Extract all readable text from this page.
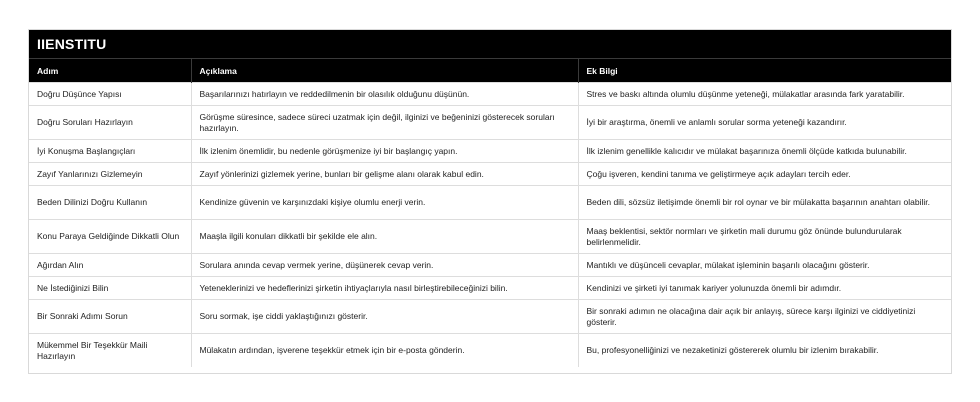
IIENSTITU
Adım	Açıklama	Ek Bilgi
Doğru Düşünce Yapısı	Başarılarınızı hatırlayın ve reddedilmenin bir olasılık olduğunu düşünün.	Stres ve baskı altında olumlu düşünme yeteneği, mülakatlar arasında fark yaratabilir.
Doğru Soruları Hazırlayın	Görüşme süresince, sadece süreci uzatmak için değil, ilginizi ve beğeninizi gösterecek soruları hazırlayın.	İyi bir araştırma, önemli ve anlamlı sorular sorma yeteneği kazandırır.
İyi Konuşma Başlangıçları	İlk izlenim önemlidir, bu nedenle görüşmenize iyi bir başlangıç yapın.	İlk izlenim genellikle kalıcıdır ve mülakat başarınıza önemli ölçüde katkıda bulunabilir.
Zayıf Yanlarınızı Gizlemeyin	Zayıf yönlerinizi gizlemek yerine, bunları bir gelişme alanı olarak kabul edin.	Çoğu işveren, kendini tanıma ve geliştirmeye açık adayları tercih eder.
Beden Dilinizi Doğru Kullanın	Kendinize güvenin ve karşınızdaki kişiye olumlu enerji verin.	Beden dili, sözsüz iletişimde önemli bir rol oynar ve bir mülakatta başarının anahtarı olabilir.
Konu Paraya Geldiğinde Dikkatli Olun	Maaşla ilgili konuları dikkatli bir şekilde ele alın.	Maaş beklentisi, sektör normları ve şirketin mali durumu göz önünde bulundurularak belirlenmelidir.
Ağırdan Alın	Sorulara anında cevap vermek yerine, düşünerek cevap verin.	Mantıklı ve düşünceli cevaplar, mülakat işleminin başarılı olacağını gösterir.
Ne İstediğinizi Bilin	Yeteneklerinizi ve hedeflerinizi şirketin ihtiyaçlarıyla nasıl birleştirebileceğinizi bilin.	Kendinizi ve şirketi iyi tanımak kariyer yolunuzda önemli bir adımdır.
Bir Sonraki Adımı Sorun	Soru sormak, işe ciddi yaklaştığınızı gösterir.	Bir sonraki adımın ne olacağına dair açık bir anlayış, sürece karşı ilginizi ve ciddiyetinizi gösterir.
Mükemmel Bir Teşekkür Maili Hazırlayın	Mülakatın ardından, işverene teşekkür etmek için bir e-posta gönderin.	Bu, profesyonelliğinizi ve nezaketinizi göstererek olumlu bir izlenim bırakabilir.
